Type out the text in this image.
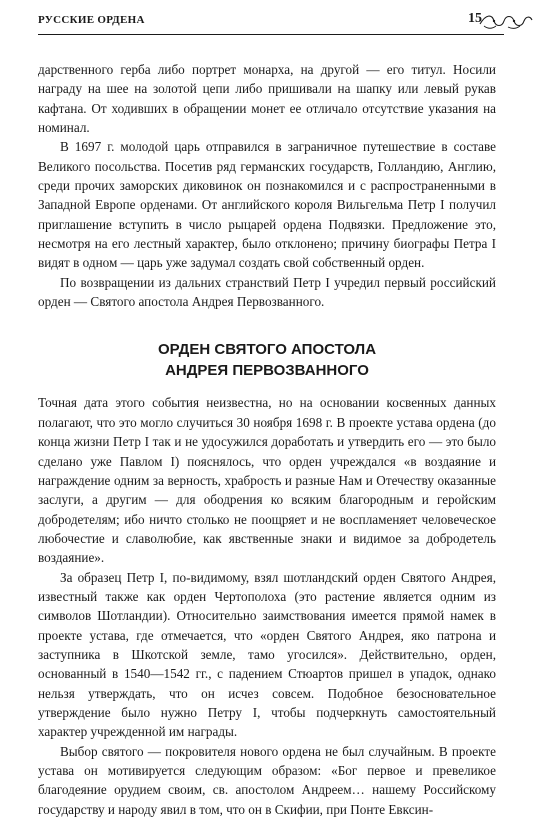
РУССКИЕ ОРДЕНА	15

дарственного герба либо портрет монарха, на другой — его титул. Носили награду на шее на золотой цепи либо пришивали на шапку или левый рукав кафтана. От ходивших в обращении монет ее отличало отсутствие указания на номинал.

В 1697 г. молодой царь отправился в заграничное путешествие в составе Великого посольства. Посетив ряд германских государств, Голландию, Англию, среди прочих заморских диковинок он познакомился и с распространенными в Западной Европе орденами. От английского короля Вильгельма Петр I получил приглашение вступить в число рыцарей ордена Подвязки. Предложение это, несмотря на его лестный характер, было отклонено; причину биографы Петра I видят в одном — царь уже задумал создать свой собственный орден.

По возвращении из дальних странствий Петр I учредил первый российский орден — Святого апостола Андрея Первозванного.

ОРДЕН СВЯТОГО АПОСТОЛА
АНДРЕЯ ПЕРВОЗВАННОГО

Точная дата этого события неизвестна, но на основании косвенных данных полагают, что это могло случиться 30 ноября 1698 г. В проекте устава ордена (до конца жизни Петр I так и не удосужился доработать и утвердить его — это было сделано уже Павлом I) пояснялось, что орден учреждался «в воздаяние и награждение одним за верность, храбрость и разные Нам и Отечеству оказанные заслуги, а другим — для ободрения ко всяким благородным и геройским добродетелям; ибо ничто столько не поощряет и не воспламеняет человеческое любочестие и славолюбие, как явственные знаки и видимое за добродетель воздаяние».

За образец Петр I, по-видимому, взял шотландский орден Святого Андрея, известный также как орден Чертополоха (это растение является одним из символов Шотландии). Относительно заимствования имеется прямой намек в проекте устава, где отмечается, что «орден Святого Андрея, яко патрона и заступника в Шкотской земле, тамо угосился». Действительно, орден, основанный в 1540—1542 гг., с падением Стюартов пришел в упадок, однако нельзя утверждать, что он исчез совсем. Подобное безосновательное утверждение было нужно Петру I, чтобы подчеркнуть самостоятельный характер учрежденной им награды.

Выбор святого — покровителя нового ордена не был случайным. В проекте устава он мотивируется следующим образом: «Бог первое и превеликое благодеяние орудием своим, св. апостолом Андреем… нашему Российскому государству и народу явил в том, что он в Скифии, при Понте Евксин-
